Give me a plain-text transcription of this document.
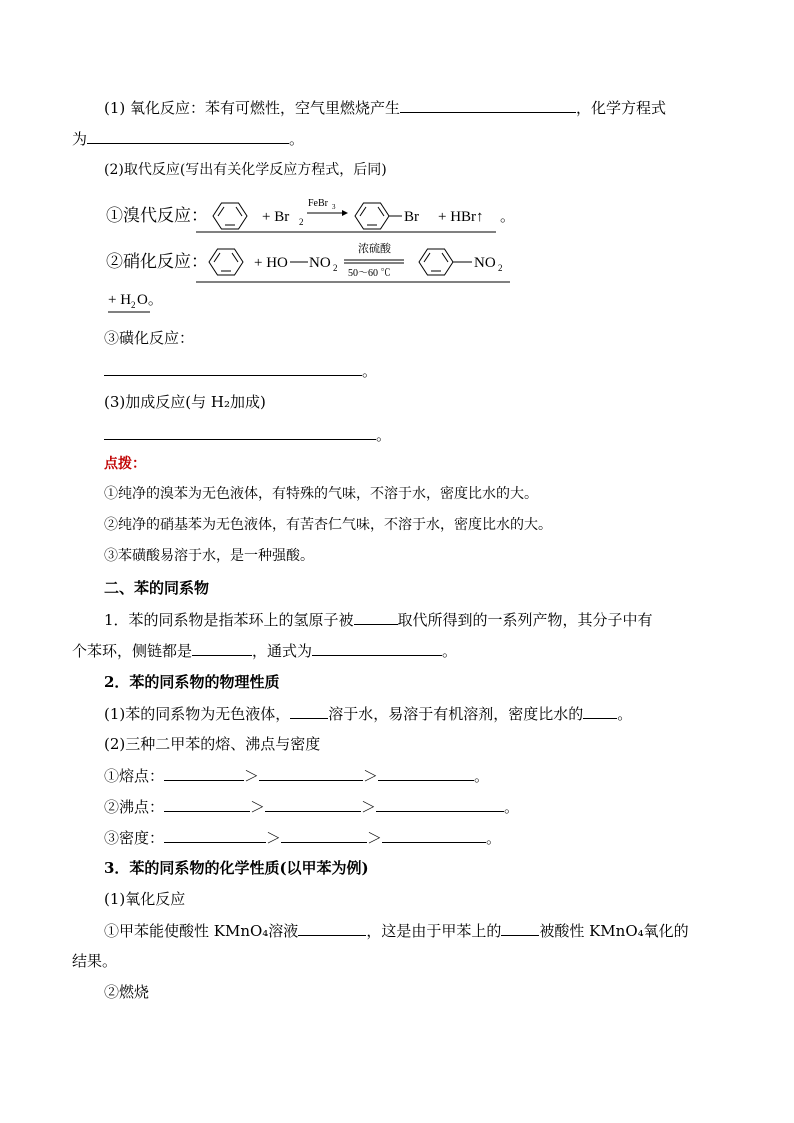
(1) 氧化反应：苯有可燃性，空气里燃烧产生	，化学方程式
为	。
(2)取代反应(写出有关化学反应方程式，后同)
①溴代反应：	+ Br 2
FeBr 3
Br + HBr↑ 。
②硝化反应：	+ HO NO 2
浓硫酸
50～60 ℃
NO 2
+ H 2 O。
③磺化反应：
。
(3)加成反应(与 H₂加成)
。
点拨：
①纯净的溴苯为无色液体，有特殊的气味，不溶于水，密度比水的大。
②纯净的硝基苯为无色液体，有苦杏仁气味，不溶于水，密度比水的大。
③苯磺酸易溶于水，是一种强酸。
二、苯的同系物
1．苯的同系物是指苯环上的氢原子被	取代所得到的一系列产物，其分子中有
个苯环，侧链都是	，通式为	。
2．苯的同系物的物理性质
(1)苯的同系物为无色液体，	溶于水，易溶于有机溶剂，密度比水的 。
(2)三种二甲苯的熔、沸点与密度
①熔点：	＞	＞	。
②沸点：	＞	＞	。
③密度：	＞	＞	。
3．苯的同系物的化学性质(以甲苯为例)
(1)氧化反应
①甲苯能使酸性 KMnO₄溶液	，这是由于甲苯上的	被酸性 KMnO₄氧化的
结果。
②燃烧
